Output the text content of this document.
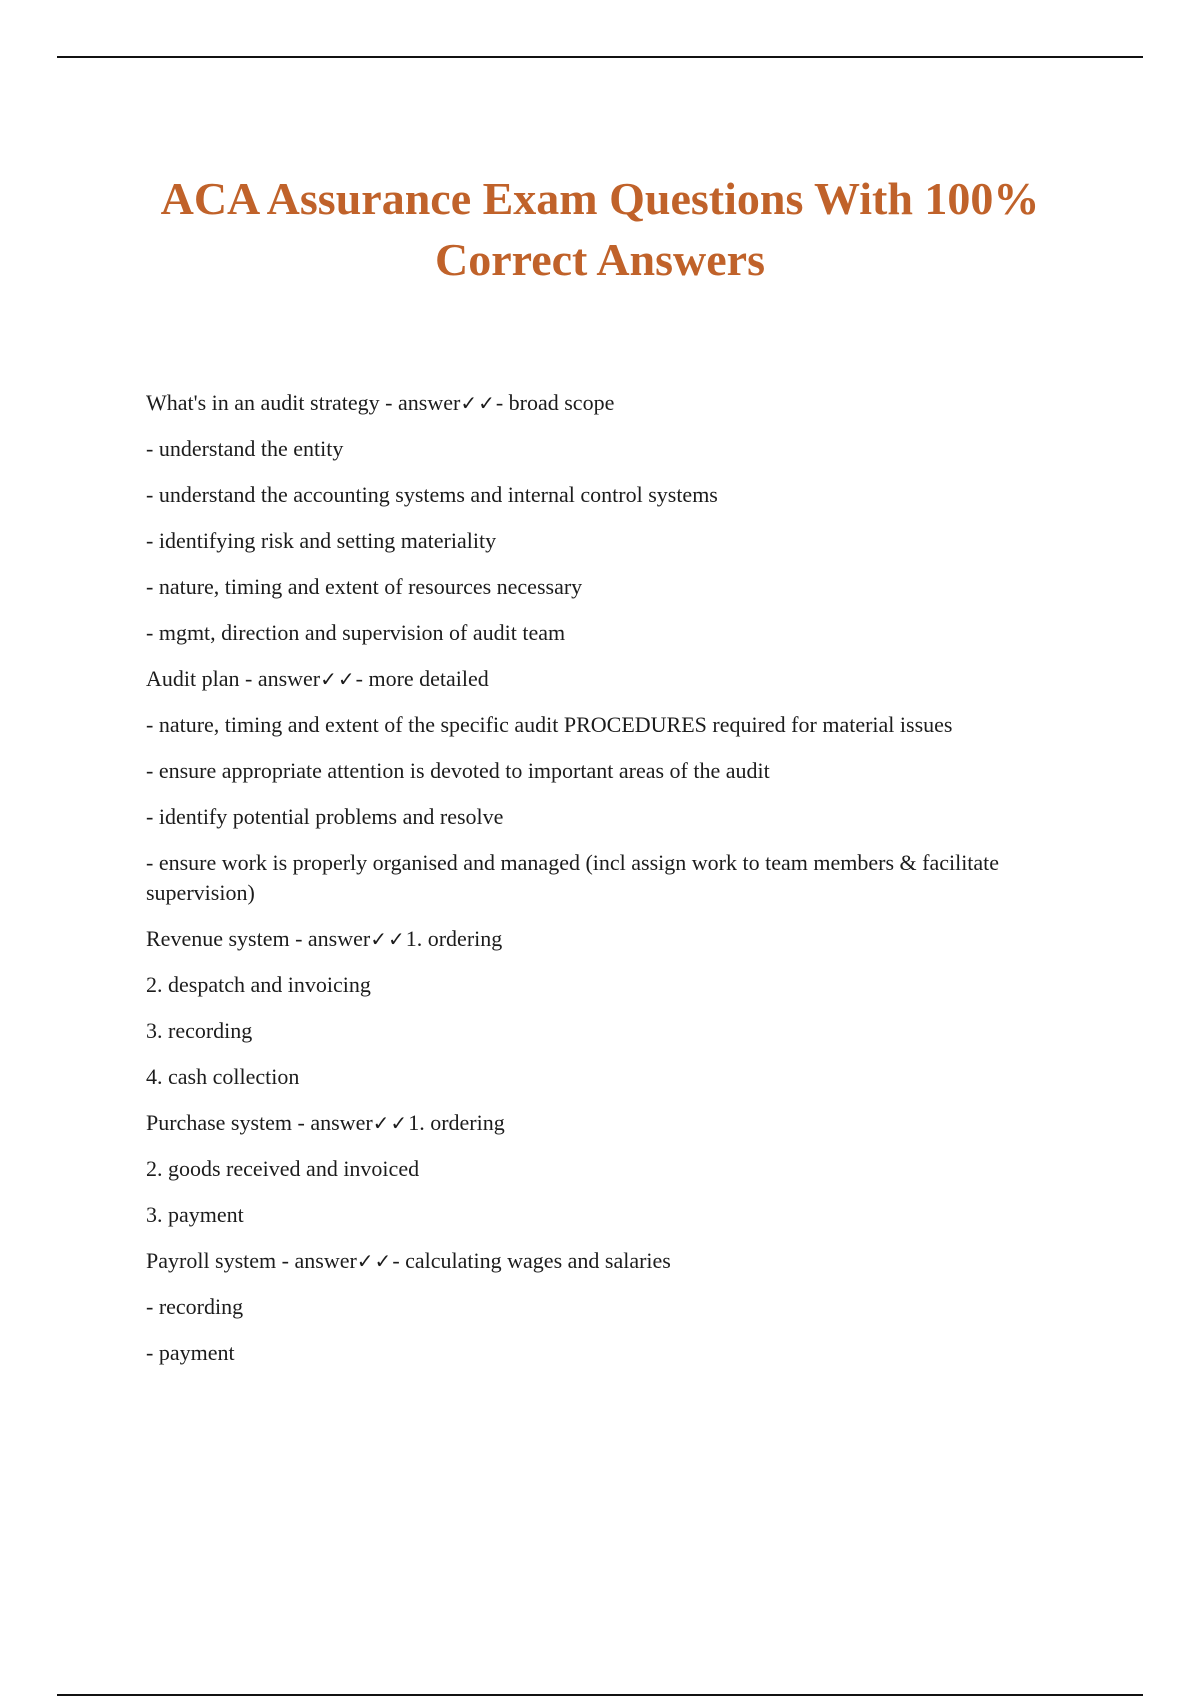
ACA Assurance Exam Questions With 100%
Correct Answers

What's in an audit strategy - answer✓✓- broad scope

- understand the entity

- understand the accounting systems and internal control systems

- identifying risk and setting materiality

- nature, timing and extent of resources necessary

- mgmt, direction and supervision of audit team

Audit plan - answer✓✓- more detailed

- nature, timing and extent of the specific audit PROCEDURES required for material issues

- ensure appropriate attention is devoted to important areas of the audit

- identify potential problems and resolve

- ensure work is properly organised and managed (incl assign work to team members & facilitate supervision)

Revenue system - answer✓✓1. ordering

2. despatch and invoicing

3. recording

4. cash collection

Purchase system - answer✓✓1. ordering

2. goods received and invoiced

3. payment

Payroll system - answer✓✓- calculating wages and salaries

- recording

- payment
